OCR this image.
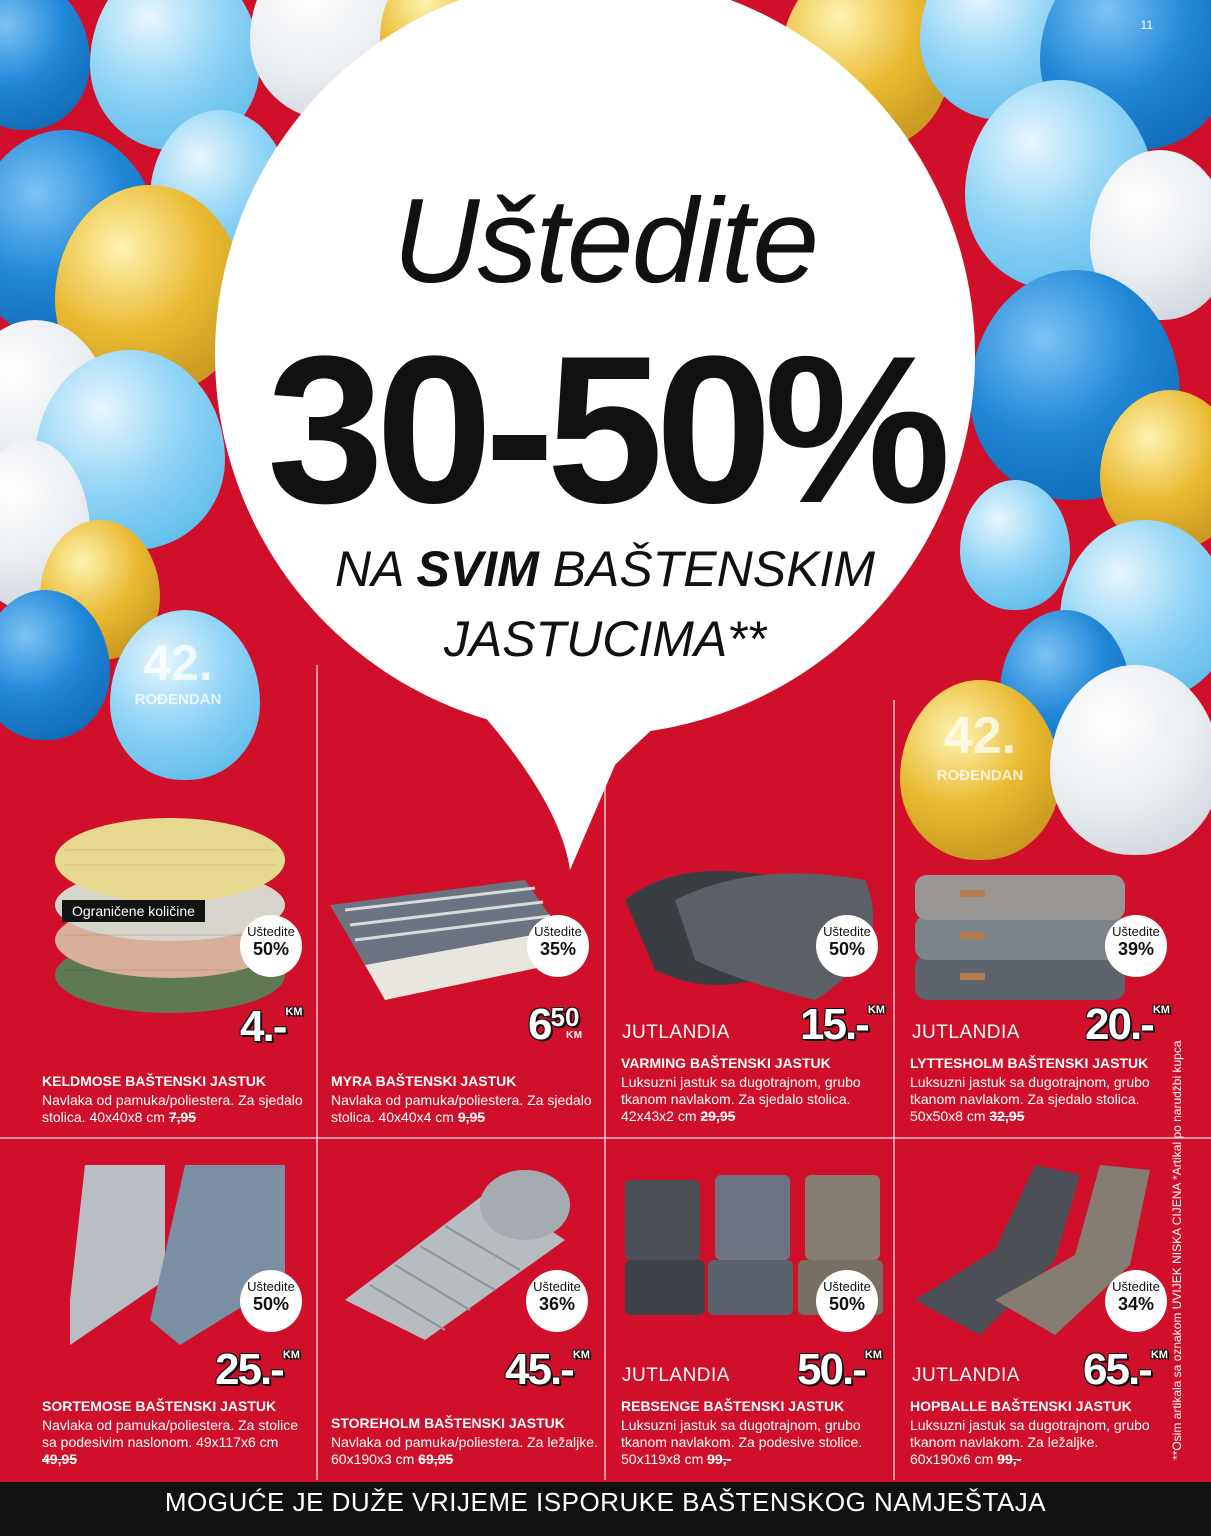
42.
ROĐENDAN
42.
ROĐENDAN
11
Uštedite
30-50%
NA SVIM BAŠTENSKIM
JASTUCIMA**
Ograničene količine
Uštedite
50%
4.-$^{KM}$
KELDMOSE BAŠTENSKI JASTUK
Navlaka od pamuka/poliestera. Za sjedalo stolica. 40x40x8 cm 7,95
Uštedite
35%
$6^{50}$
KM
MYRA BAŠTENSKI JASTUK
Navlaka od pamuka/poliestera. Za sjedalo stolica. 40x40x4 cm 9,95
Uštedite
50%
JUTLANDIA 15.-$^{KM}$
VARMING BAŠTENSKI JASTUK
Luksuzni jastuk sa dugotrajnom, grubo tkanom navlakom. Za sjedalo stolica. 42x43x2 cm 29,95
Uštedite
39%
JUTLANDIA 20.-$^{KM}$
LYTTESHOLM BAŠTENSKI JASTUK
Luksuzni jastuk sa dugotrajnom, grubo tkanom navlakom. Za sjedalo stolica. 50x50x8 cm 32,95
Uštedite
50%
25.-$^{KM}$
SORTEMOSE BAŠTENSKI JASTUK
Navlaka od pamuka/poliestera. Za stolice sa podesivim naslonom. 49x117x6 cm 49,95
Uštedite
36%
45.-$^{KM}$
STOREHOLM BAŠTENSKI JASTUK
Navlaka od pamuka/poliestera. Za ležaljke. 60x190x3 cm 69,95
Uštedite
50%
JUTLANDIA 50.-$^{KM}$
REBSENGE BAŠTENSKI JASTUK
Luksuzni jastuk sa dugotrajnom, grubo tkanom navlakom. Za podesive stolice. 50x119x8 cm 99,-
Uštedite
34%
JUTLANDIA 65.-$^{KM}$
HOPBALLE BAŠTENSKI JASTUK
Luksuzni jastuk sa dugotrajnom, grubo tkanom navlakom. Za ležaljke. 60x190x6 cm 99,-	**Osim artikala sa oznakom UVIJEK NISKA CIJENA *Artikal po narudžbi kupca
MOGUĆE JE DUŽE VRIJEME ISPORUKE BAŠTENSKOG NAMJEŠTAJA
